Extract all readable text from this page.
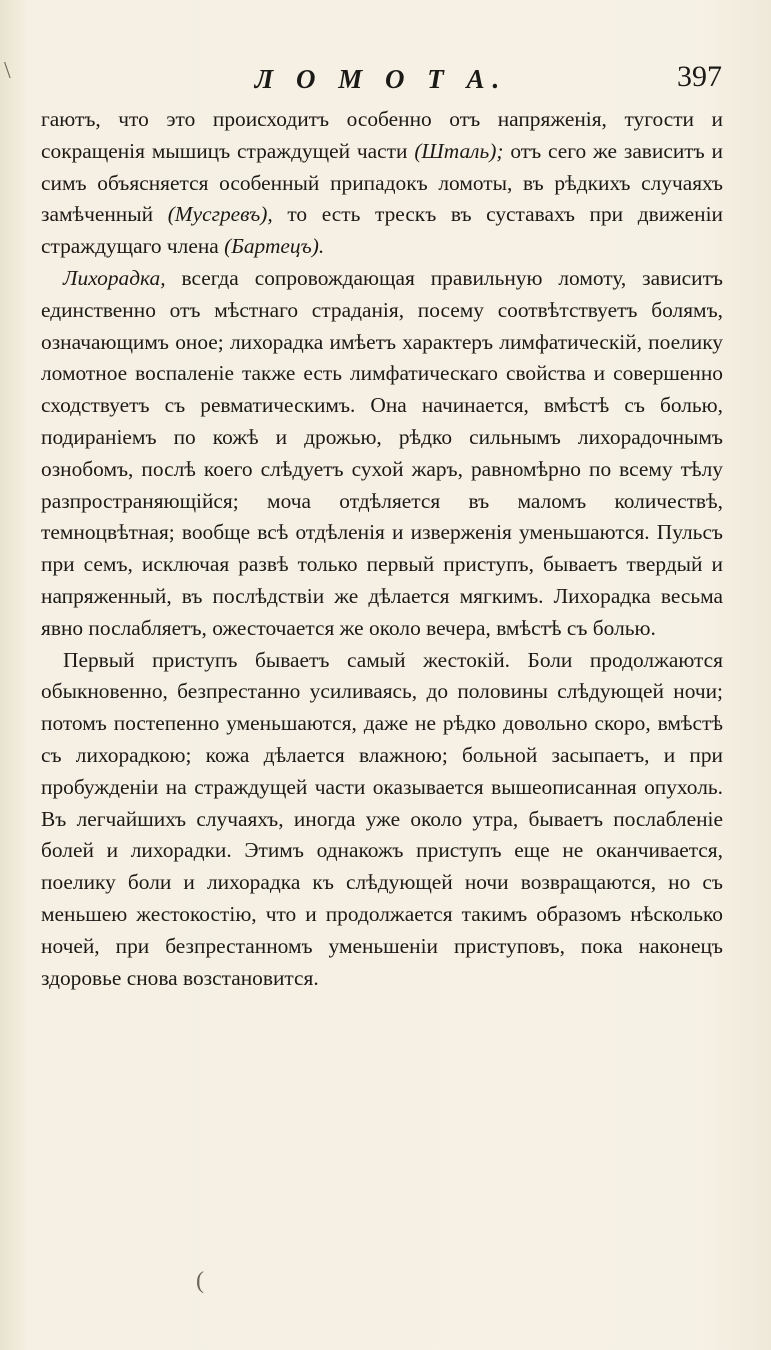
\
(
Л О М О Т А.	397

гаютъ, что это происходитъ особенно отъ напряженія, тугости и сокращенія мышицъ страждущей части (Шталь); отъ сего же зависитъ и симъ объясняется особенный припадокъ ломоты, въ рѣдкихъ случаяхъ замѣченный (Мусгревъ), то есть трескъ въ суставахъ при движеніи страждущаго члена (Бартецъ).

Лихорадка, всегда сопровождающая правильную ломоту, зависитъ единственно отъ мѣстнаго страданія, посему соотвѣтствуетъ болямъ, означающимъ оное; лихорадка имѣетъ характеръ лимфатическій, поелику ломотное воспаленіе также есть лимфатическаго свойства и совершенно сходствуетъ съ ревматическимъ. Она начинается, вмѣстѣ съ болью, подираніемъ по кожѣ и дрожью, рѣдко сильнымъ лихорадочнымъ ознобомъ, послѣ коего слѣдуетъ сухой жаръ, равномѣрно по всему тѣлу разпространяющійся; моча отдѣляется въ маломъ количествѣ, темноцвѣтная; вообще всѣ отдѣленія и изверженія уменьшаются. Пульсъ при семъ, исключая развѣ только первый приступъ, бываетъ твердый и напряженный, въ послѣдствіи же дѣлается мягкимъ. Лихорадка весьма явно послабляетъ, ожесточается же около вечера, вмѣстѣ съ болью.

Первый приступъ бываетъ самый жестокій. Боли продолжаются обыкновенно, безпрестанно усиливаясь, до половины слѣдующей ночи; потомъ постепенно уменьшаются, даже не рѣдко довольно скоро, вмѣстѣ съ лихорадкою; кожа дѣлается влажною; больной засыпаетъ, и при пробужденіи на страждущей части оказывается вышеописанная опухоль. Въ легчайшихъ случаяхъ, иногда уже около утра, бываетъ послабленіе болей и лихорадки. Этимъ однакожъ приступъ еще не оканчивается, поелику боли и лихорадка къ слѣдующей ночи возвращаются, но съ меньшею жестокостію, что и продолжается такимъ образомъ нѣсколько ночей, при безпрестанномъ уменьшеніи приступовъ, пока наконецъ здоровье снова возстановится.
